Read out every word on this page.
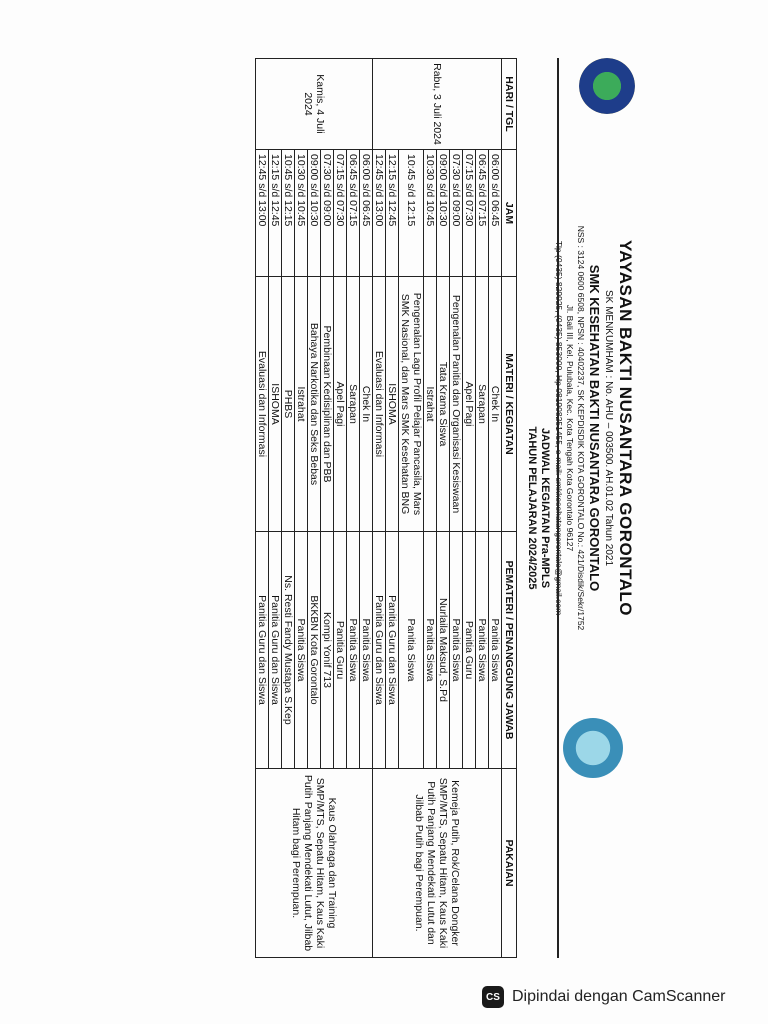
YAYASAN BAKTI NUSANTARA GORONTALO
SK MENKUMHAM : No. AHU – 003500. AH.01.02 Tahun 2021
SMK KESEHATAN BAKTI NUSANTARA GORONTALO
NSS : 3124 0600 6508, NPSN : 40402237, SK KEPDISDIK KOTA GORONTALO No.: 421/Disdik/Sekr/1752
Jl. Bali III, Kel. Pulubala, Kec. Kota Tengah Kota Gorontalo 96127
Tlp (0435) 829925, (0435) 853000, Hp 081908251455, e-mail: smkkesehatangorontalo@gmail.com
JADWAL KEGIATAN Pra-MPLS
TAHUN PELAJARAN 2024/2025
HARI / TGL	JAM	MATERI / KEGIATAN	PEMATERI / PENANGGUNG JAWAB	PAKAIAN
Rabu, 3 Juli 2024	06:00 s/d 06:45	Chek In	Panitia Siswa	Kemeja Putih, Rok/Celana Dongker SMP/MTS, Sepatu Hitam, Kaus Kaki Putih Panjang Mendekati Lutut dan Jilbab Putih bagi Perempuan.
	06:45 s/d 07:15	Sarapan	Panitia Siswa	
	07:15 s/d 07:30	Apel Pagi	Panitia Guru	
	07:30 s/d 09:00	Pengenalan Panitia dan Organisasi Kesiswaan	Panitia Siswa	
	09:00 s/d 10:30	Tata Krama Siswa	Nurlaila Maksud, S.Pd	
	10:30 s/d 10:45	Istrahat	Panitia Siswa	
	10:45 s/d 12:15	Pengenalan Lagu Profil Pelajar Pancasila, Mars SMK Nasional, dan Mars SMK Kesehatan BNG	Panitia Siswa	
	12:15 s/d 12:45	ISHOMA	Panitia Guru dan Siswa	
	12:45 s/d 13:00	Evaluasi dan Informasi	Panitia Guru dan Siswa	
Kamis, 4 Juli 2024	06:00 s/d 06:45	Chek In	Panitia Siswa	Kaus Olahraga dan Training SMP/MTS, Sepatu Hitam, Kaus Kaki Putih Panjang Mendekati Lutut, Jilbab Hitam bagi Perempuan.
	06:45 s/d 07:15	Sarapan	Panitia Siswa	
	07:15 s/d 07:30	Apel Pagi	Panitia Guru	
	07:30 s/d 09:00	Pembinaan Kedisiplinan dan PBB	Kompi Yonif 713	
	09:00 s/d 10:30	Bahaya Narkotika dan Seks Bebas	BKKBN Kota Gorontalo	
	10:30 s/d 10:45	Istrahat	Panitia Siswa	
	10:45 s/d 12:15	PHBS	Ns. Resti Fandy Mustapa S.Kep	
	12:15 s/d 12:45	ISHOMA	Panitia Guru dan Siswa	
	12:45 s/d 13:00	Evaluasi dan Informasi	Panitia Guru dan Siswa	
CS Dipindai dengan CamScanner
